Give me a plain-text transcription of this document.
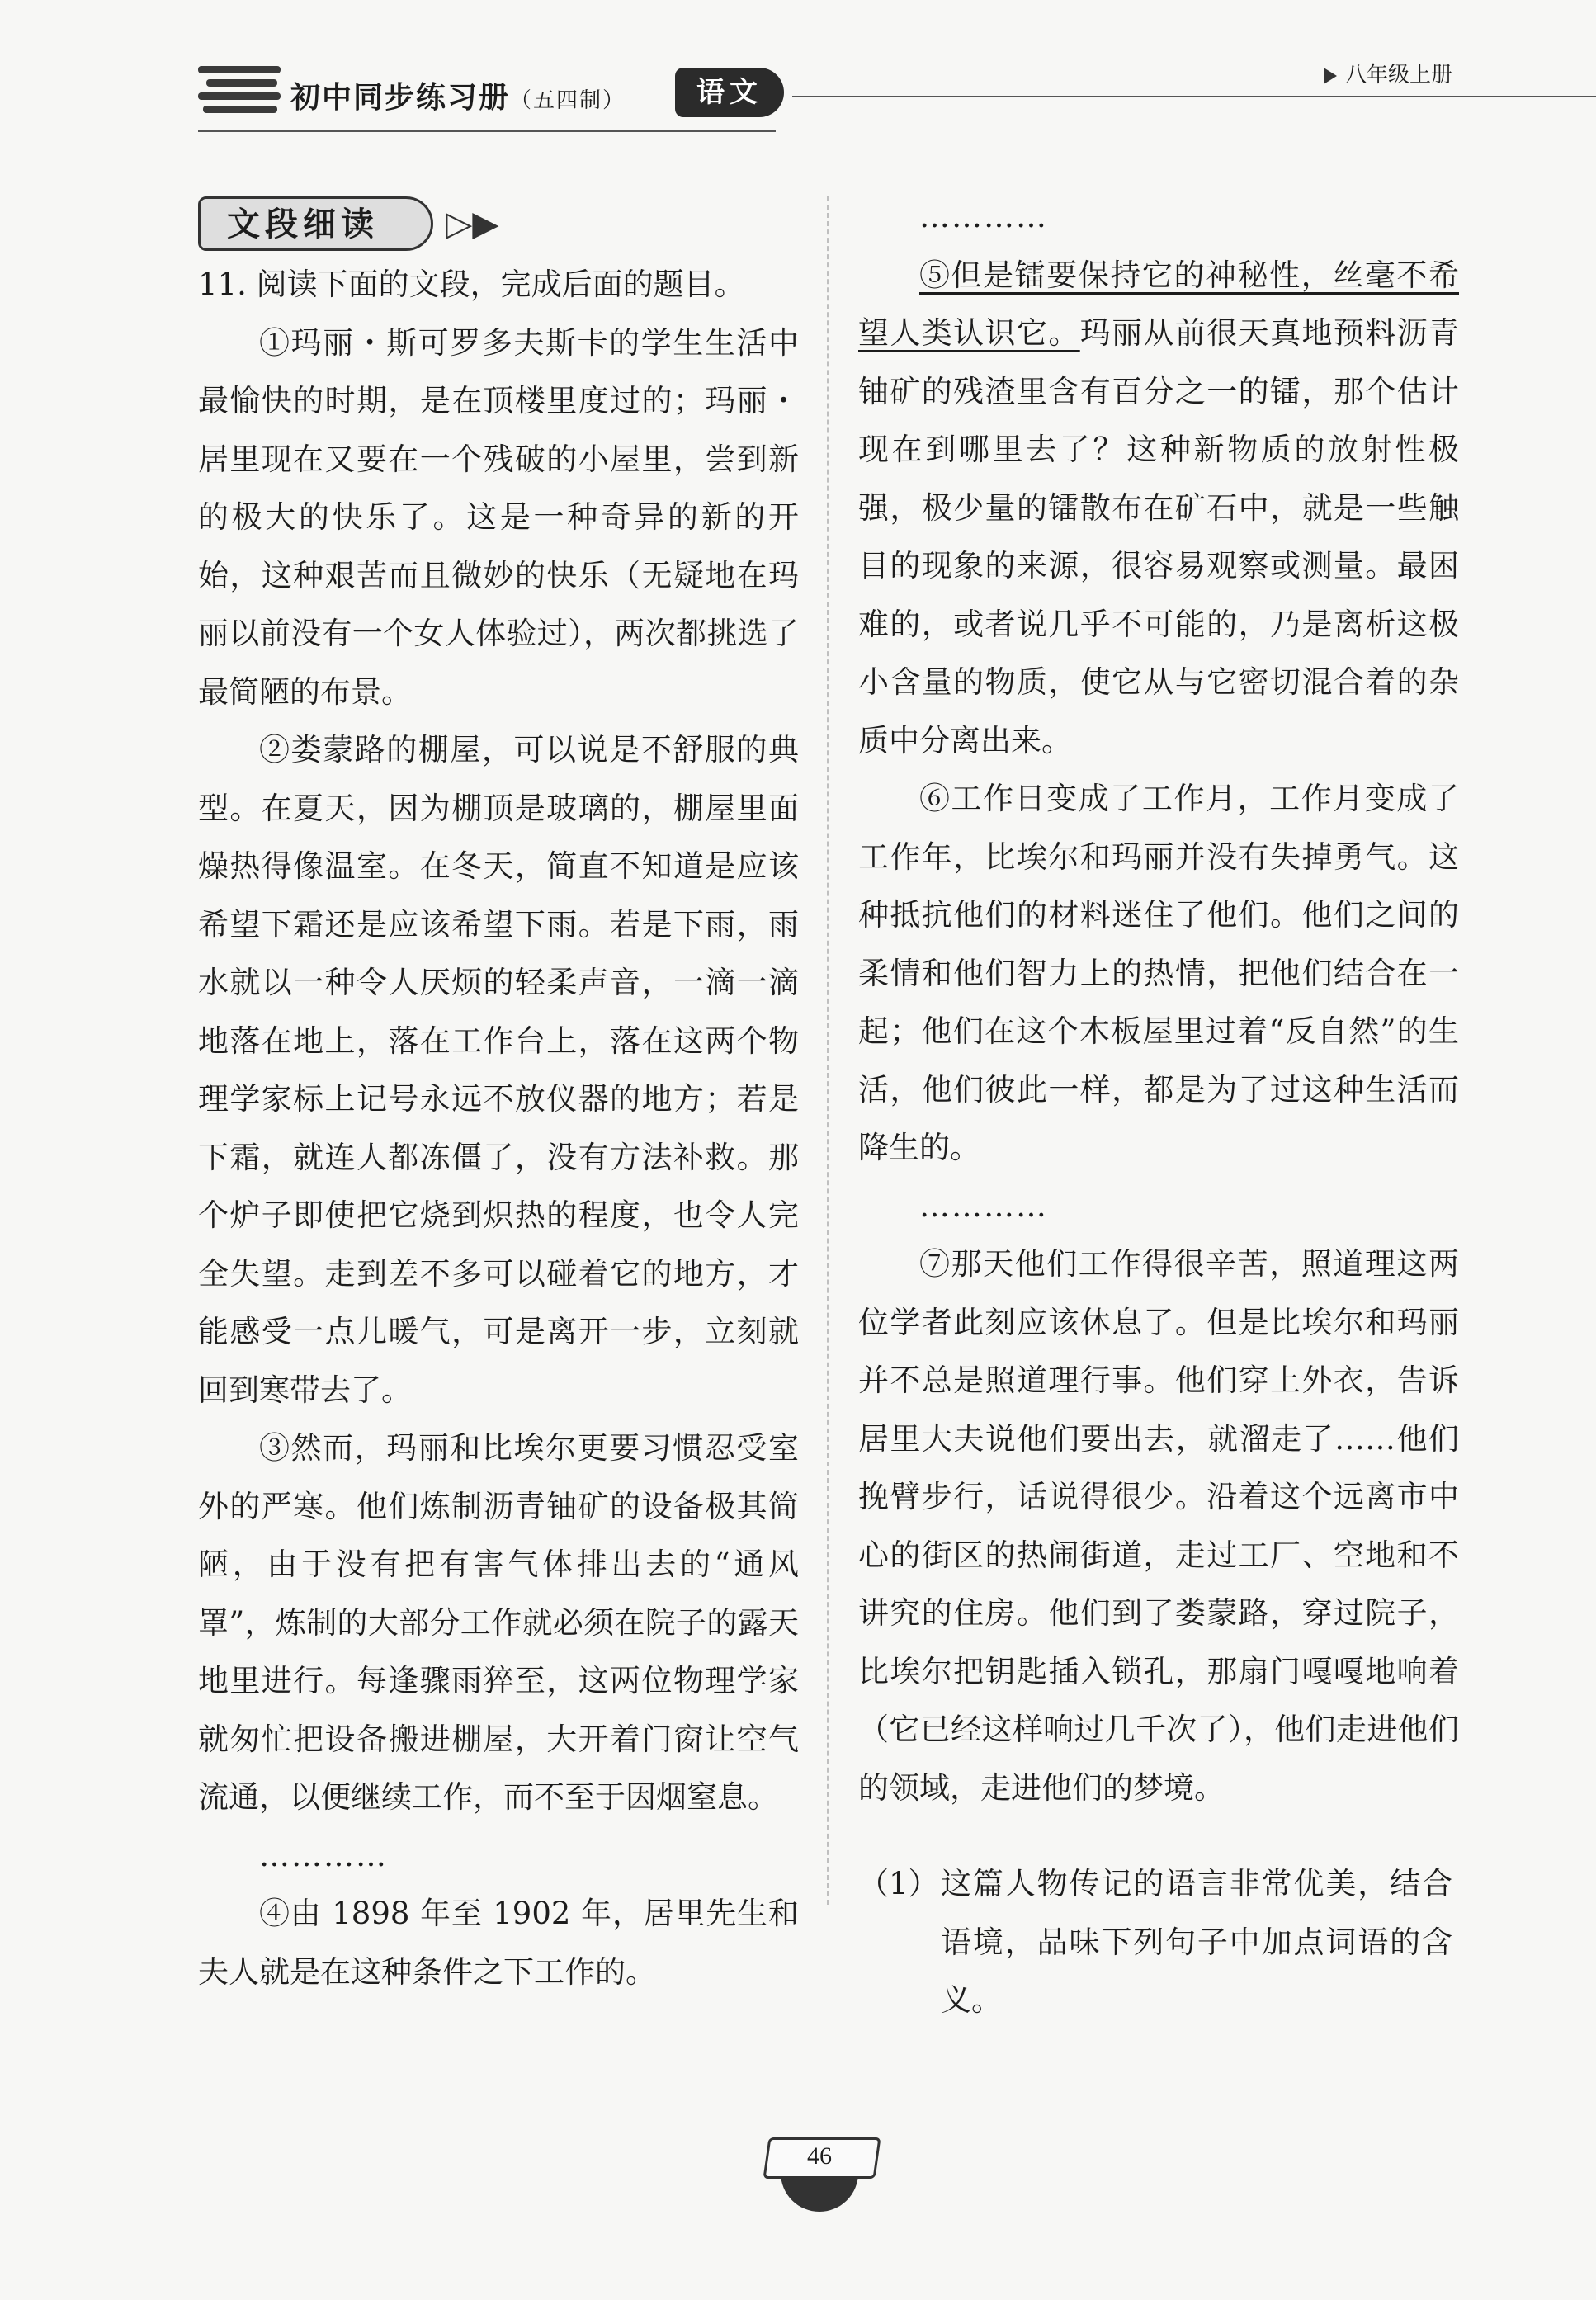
初中同步练习册（五四制）	语文
八年级上册
文段细读 ▷▶

11. 阅读下面的文段，完成后面的题目。

①玛丽・斯可罗多夫斯卡的学生生活中最愉快的时期，是在顶楼里度过的；玛丽・居里现在又要在一个残破的小屋里，尝到新的极大的快乐了。这是一种奇异的新的开始，这种艰苦而且微妙的快乐（无疑地在玛丽以前没有一个女人体验过），两次都挑选了最简陋的布景。

②娄蒙路的棚屋，可以说是不舒服的典型。在夏天，因为棚顶是玻璃的，棚屋里面燥热得像温室。在冬天，简直不知道是应该希望下霜还是应该希望下雨。若是下雨，雨水就以一种令人厌烦的轻柔声音，一滴一滴地落在地上，落在工作台上，落在这两个物理学家标上记号永远不放仪器的地方；若是下霜，就连人都冻僵了，没有方法补救。那个炉子即使把它烧到炽热的程度，也令人完全失望。走到差不多可以碰着它的地方，才能感受一点儿暖气，可是离开一步，立刻就回到寒带去了。

③然而，玛丽和比埃尔更要习惯忍受室外的严寒。他们炼制沥青铀矿的设备极其简陋，由于没有把有害气体排出去的“通风罩”，炼制的大部分工作就必须在院子的露天地里进行。每逢骤雨猝至，这两位物理学家就匆忙把设备搬进棚屋，大开着门窗让空气流通，以便继续工作，而不至于因烟窒息。

…………

④由 1898 年至 1902 年，居里先生和夫人就是在这种条件之下工作的。

…………

⑤但是镭要保持它的神秘性，丝毫不希望人类认识它。玛丽从前很天真地预料沥青铀矿的残渣里含有百分之一的镭，那个估计现在到哪里去了？这种新物质的放射性极强，极少量的镭散布在矿石中，就是一些触目的现象的来源，很容易观察或测量。最困难的，或者说几乎不可能的，乃是离析这极小含量的物质，使它从与它密切混合着的杂质中分离出来。

⑥工作日变成了工作月，工作月变成了工作年，比埃尔和玛丽并没有失掉勇气。这种抵抗他们的材料迷住了他们。他们之间的柔情和他们智力上的热情，把他们结合在一起；他们在这个木板屋里过着“反自然”的生活，他们彼此一样，都是为了过这种生活而降生的。

…………

⑦那天他们工作得很辛苦，照道理这两位学者此刻应该休息了。但是比埃尔和玛丽并不总是照道理行事。他们穿上外衣，告诉居里大夫说他们要出去，就溜走了……他们挽臂步行，话说得很少。沿着这个远离市中心的街区的热闹街道，走过工厂、空地和不讲究的住房。他们到了娄蒙路，穿过院子，比埃尔把钥匙插入锁孔，那扇门嘎嘎地响着（它已经这样响过几千次了），他们走进他们的领域，走进他们的梦境。

（1）这篇人物传记的语言非常优美，结合语境，品味下列句子中加点词语的含义。
46
